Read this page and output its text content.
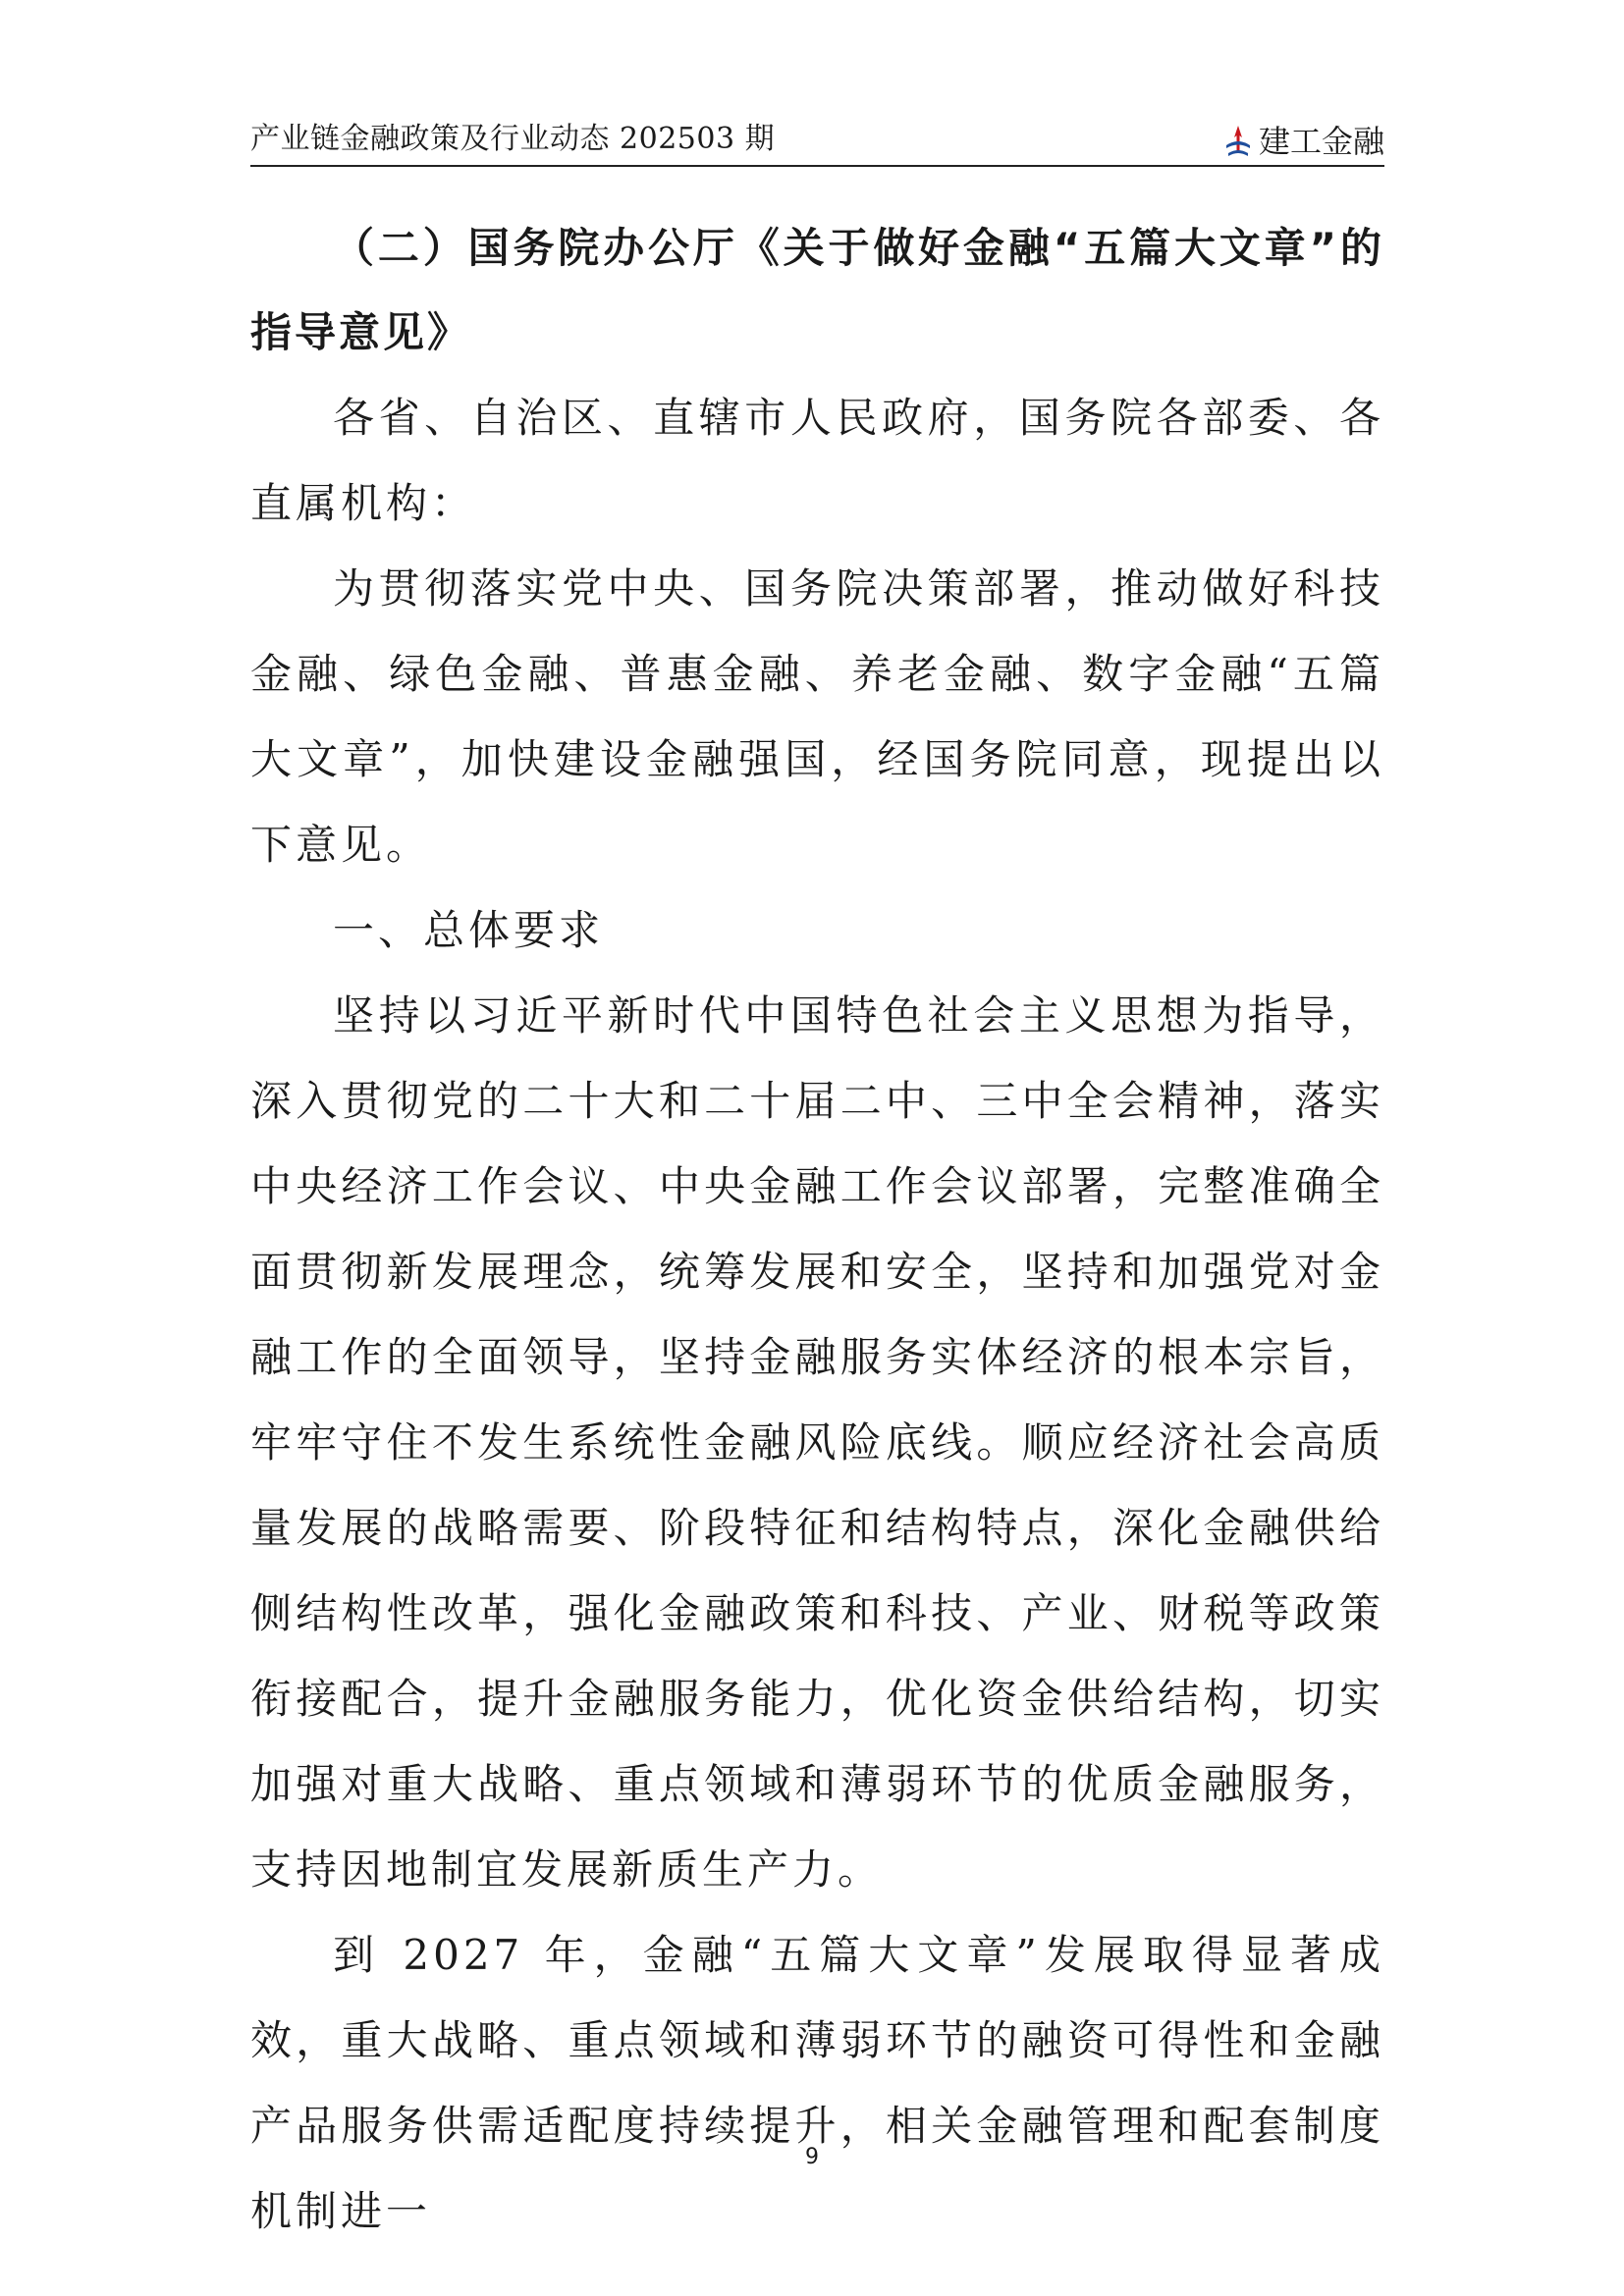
产业链金融政策及行业动态 202503 期	建工金融

（二）国务院办公厅《关于做好金融“五篇大文章”的指导意见》

各省、自治区、直辖市人民政府，国务院各部委、各直属机构：

为贯彻落实党中央、国务院决策部署，推动做好科技金融、绿色金融、普惠金融、养老金融、数字金融“五篇大文章”，加快建设金融强国，经国务院同意，现提出以下意见。

一、总体要求

坚持以习近平新时代中国特色社会主义思想为指导，深入贯彻党的二十大和二十届二中、三中全会精神，落实中央经济工作会议、中央金融工作会议部署，完整准确全面贯彻新发展理念，统筹发展和安全，坚持和加强党对金融工作的全面领导，坚持金融服务实体经济的根本宗旨，牢牢守住不发生系统性金融风险底线。顺应经济社会高质量发展的战略需要、阶段特征和结构特点，深化金融供给侧结构性改革，强化金融政策和科技、产业、财税等政策衔接配合，提升金融服务能力，优化资金供给结构，切实加强对重大战略、重点领域和薄弱环节的优质金融服务，支持因地制宜发展新质生产力。

到 2027 年，金融“五篇大文章”发展取得显著成效，重大战略、重点领域和薄弱环节的融资可得性和金融产品服务供需适配度持续提升，相关金融管理和配套制度机制进一

9
